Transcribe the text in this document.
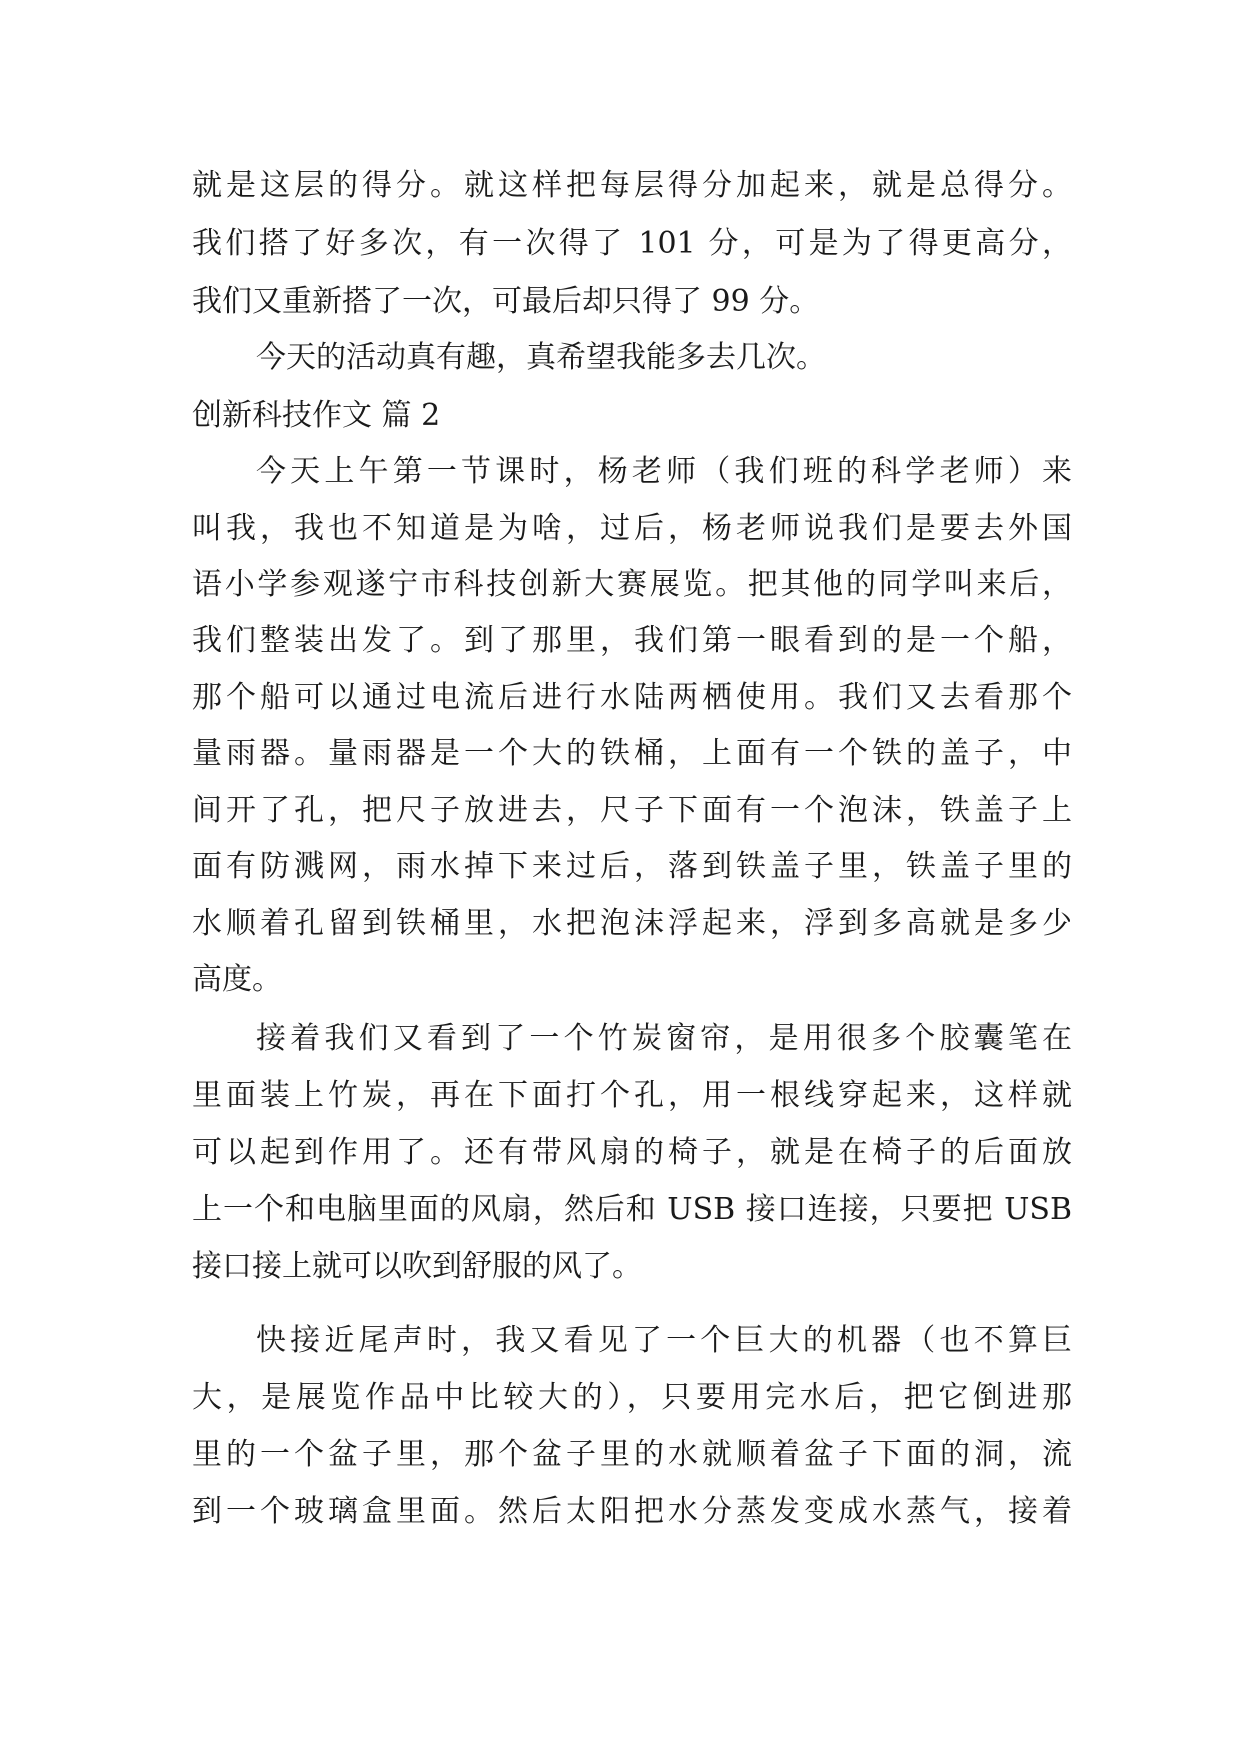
就是这层的得分。就这样把每层得分加起来，就是总得分。
我们搭了好多次，有一次得了 101 分，可是为了得更高分，
我们又重新搭了一次，可最后却只得了 99 分。
今天的活动真有趣，真希望我能多去几次。
创新科技作文 篇 2
今天上午第一节课时，杨老师（我们班的科学老师）来
叫我，我也不知道是为啥，过后，杨老师说我们是要去外国
语小学参观遂宁市科技创新大赛展览。把其他的同学叫来后，
我们整装出发了。到了那里，我们第一眼看到的是一个船，
那个船可以通过电流后进行水陆两栖使用。我们又去看那个
量雨器。量雨器是一个大的铁桶，上面有一个铁的盖子，中
间开了孔，把尺子放进去，尺子下面有一个泡沫，铁盖子上
面有防溅网，雨水掉下来过后，落到铁盖子里，铁盖子里的
水顺着孔留到铁桶里，水把泡沫浮起来，浮到多高就是多少
高度。
接着我们又看到了一个竹炭窗帘，是用很多个胶囊笔在
里面装上竹炭，再在下面打个孔，用一根线穿起来，这样就
可以起到作用了。还有带风扇的椅子，就是在椅子的后面放
上一个和电脑里面的风扇，然后和 USB 接口连接，只要把 USB
接口接上就可以吹到舒服的风了。
快接近尾声时，我又看见了一个巨大的机器（也不算巨
大，是展览作品中比较大的），只要用完水后，把它倒进那
里的一个盆子里，那个盆子里的水就顺着盆子下面的洞，流
到一个玻璃盒里面。然后太阳把水分蒸发变成水蒸气，接着
